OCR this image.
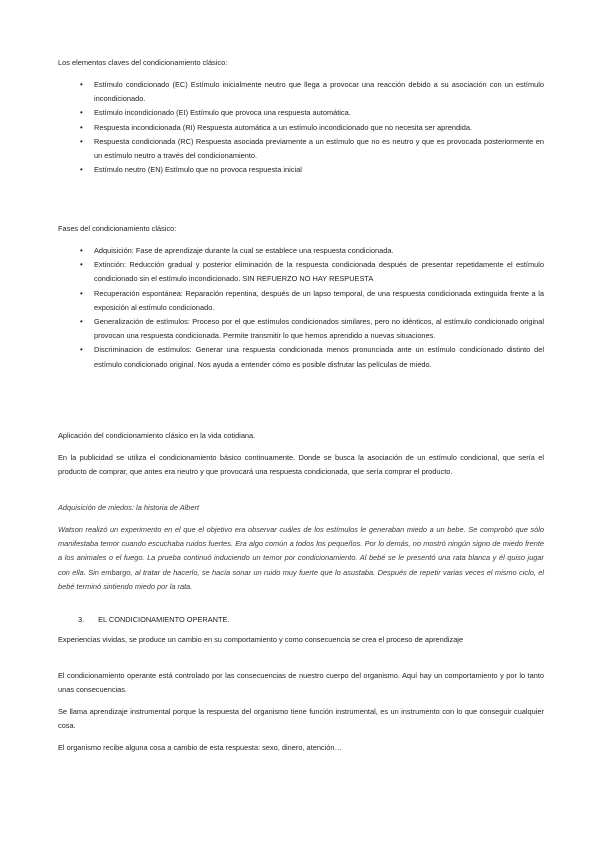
Los elementos claves del condicionamiento clásico:

• Estímulo condicionado (EC) Estímulo inicialmente neutro que llega a provocar una reacción debido a su asociación con un estímulo incondicionado.
• Estímulo incondicionado (EI) Estímulo que provoca una respuesta automática.
• Respuesta incondicionada (RI) Respuesta automática a un estímulo incondicionado que no necesita ser aprendida.
• Respuesta condicionada (RC) Respuesta asociada previamente a un estímulo que no es neutro y que es provocada posteriormente en un estímulo neutro a través del condicionamiento.
• Estímulo neutro (EN) Estímulo que no provoca respuesta inicial

Fases del condicionamiento clásico:

• Adquisición: Fase de aprendizaje durante la cual se establece una respuesta condicionada.
• Extinción: Reducción gradual y posterior eliminación de la respuesta condicionada después de presentar repetidamente el estímulo condicionado sin el estímulo incondicionado. SIN REFUERZO NO HAY RESPUESTA
• Recuperación espontánea: Reparación repentina, después de un lapso temporal, de una respuesta condicionada extinguida frente a la exposición al estímulo condicionado.
• Generalización de estímulos: Proceso por el que estímulos condicionados similares, pero no idénticos, al estímulo condicionado original provocan una respuesta condicionada. Permite transmitir lo que hemos aprendido a nuevas situaciones.
• Discriminacion de estímulos: Generar una respuesta condicionada menos pronunciada ante un estímulo condicionado distinto del estímulo condicionado original. Nos ayuda a entender cómo es posible disfrutar las películas de miedo.

Aplicación del condicionamiento clásico en la vida cotidiana.

En la publicidad se utiliza el condicionamiento básico continuamente. Donde se busca la asociación de un estímulo condicional, que sería el producto de comprar, que antes era neutro y que provocará una respuesta condicionada, que sería comprar el producto.

Adquisición de miedos: la historia de Albert

Watson realizó un experimento en el que el objetivo era observar cuáles de los estímulos le generaban miedo a un bebe. Se comprobó que sólo manifestaba temor cuando escuchaba ruidos fuertes. Era algo común a todos los pequeños. Por lo demás, no mostró ningún signo de miedo frente a los animales o el fuego. La prueba continuó induciendo un temor por condicionamiento. Al bebé se le presentó una rata blanca y él quiso jugar con ella. Sin embargo, al tratar de hacerlo, se hacía sonar un ruido muy fuerte que lo asustaba. Después de repetir varias veces el mismo ciclo, el bebé terminó sintiendo miedo por la rata.

3. EL CONDICIONAMIENTO OPERANTE.

Experiencias vividas, se produce un cambio en su comportamiento y como consecuencia se crea el proceso de aprendizaje

El condicionamiento operante está controlado por las consecuencias de nuestro cuerpo del organismo. Aquí hay un comportamiento y por lo tanto unas consecuencias.

Se llama aprendizaje instrumental porque la respuesta del organismo tiene función instrumental, es un instrumento con lo que conseguir cualquier cosa.

El organismo recibe alguna cosa a cambio de esta respuesta: sexo, dinero, atención…
